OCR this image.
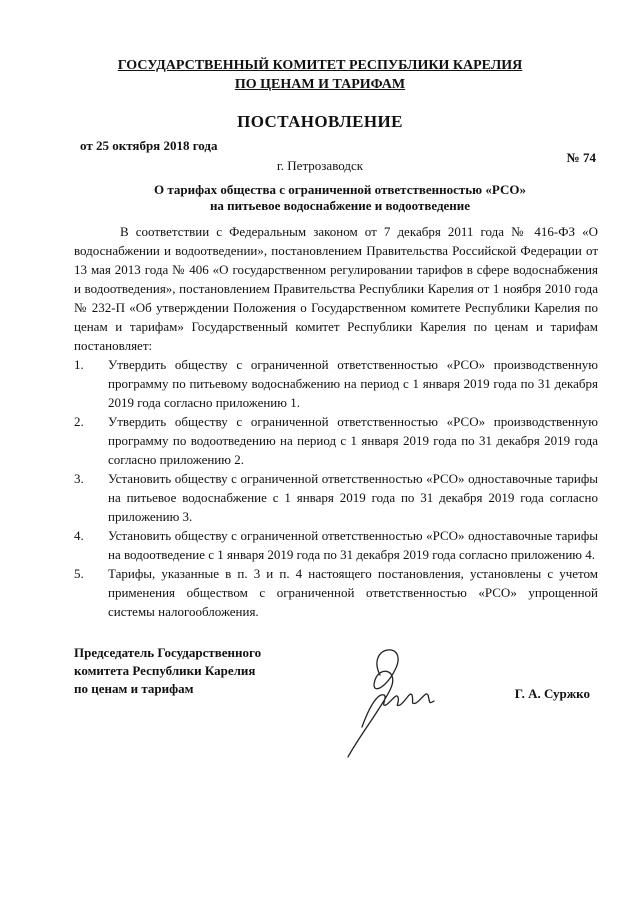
ГОСУДАРСТВЕННЫЙ КОМИТЕТ РЕСПУБЛИКИ КАРЕЛИЯ
ПО ЦЕНАМ И ТАРИФАМ
ПОСТАНОВЛЕНИЕ
от 25 октября 2018 года
г. Петрозаводск
№ 74
О тарифах общества с ограниченной ответственностью «РСО»
на питьевое водоснабжение и водоотведение

В соответствии с Федеральным законом от 7 декабря 2011 года № 416-ФЗ «О водоснабжении и водоотведении», постановлением Правительства Российской Федерации от 13 мая 2013 года № 406 «О государственном регулировании тарифов в сфере водоснабжения и водоотведения», постановлением Правительства Республики Карелия от 1 ноября 2010 года № 232-П «Об утверждении Положения о Государственном комитете Республики Карелия по ценам и тарифам» Государственный комитет Республики Карелия по ценам и тарифам постановляет:

1.	Утвердить обществу с ограниченной ответственностью «РСО» производственную программу по питьевому водоснабжению на период с 1 января 2019 года по 31 декабря 2019 года согласно приложению 1.
2.	Утвердить обществу с ограниченной ответственностью «РСО» производственную программу по водоотведению на период с 1 января 2019 года по 31 декабря 2019 года согласно приложению 2.
3.	Установить обществу с ограниченной ответственностью «РСО» одноставочные тарифы на питьевое водоснабжение с 1 января 2019 года по 31 декабря 2019 года согласно приложению 3.
4.	Установить обществу с ограниченной ответственностью «РСО» одноставочные тарифы на водоотведение с 1 января 2019 года по 31 декабря 2019 года согласно приложению 4.
5.	Тарифы, указанные в п. 3 и п. 4 настоящего постановления, установлены с учетом применения обществом с ограниченной ответственностью «РСО» упрощенной системы налогообложения.
Председатель Государственного
комитета Республики Карелия
по ценам и тарифам	Г. А. Суржко
